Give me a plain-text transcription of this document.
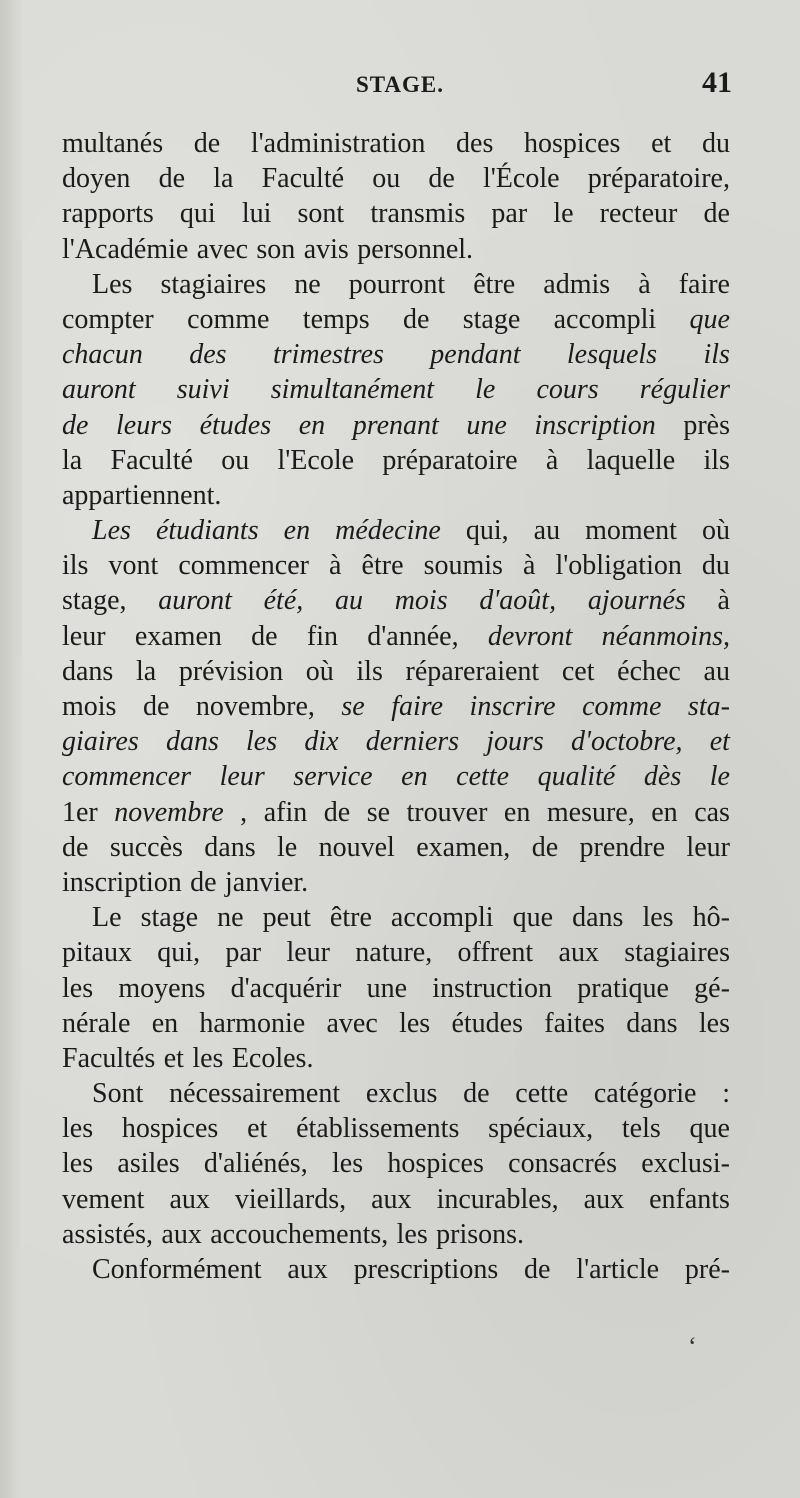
STAGE.	41
multanés de l'administration des hospices et du
doyen de la Faculté ou de l'École préparatoire,
rapports qui lui sont transmis par le recteur de
l'Académie avec son avis personnel.
Les stagiaires ne pourront être admis à faire
compter comme temps de stage accompli que
chacun des trimestres pendant lesquels ils
auront suivi simultanément le cours régulier
de leurs études en prenant une inscription près
la Faculté ou l'Ecole préparatoire à laquelle ils
appartiennent.
Les étudiants en médecine qui, au moment où
ils vont commencer à être soumis à l'obligation du
stage, auront été, au mois d'août, ajournés à
leur examen de fin d'année, devront néanmoins,
dans la prévision où ils répareraient cet échec au
mois de novembre, se faire inscrire comme sta-
giaires dans les dix derniers jours d'octobre, et
commencer leur service en cette qualité dès le
1er novembre , afin de se trouver en mesure, en cas
de succès dans le nouvel examen, de prendre leur
inscription de janvier.
Le stage ne peut être accompli que dans les hô-
pitaux qui, par leur nature, offrent aux stagiaires
les moyens d'acquérir une instruction pratique gé-
nérale en harmonie avec les études faites dans les
Facultés et les Ecoles.
Sont nécessairement exclus de cette catégorie :
les hospices et établissements spéciaux, tels que
les asiles d'aliénés, les hospices consacrés exclusi-
vement aux vieillards, aux incurables, aux enfants
assistés, aux accouchements, les prisons.
Conformément aux prescriptions de l'article pré-
ʻ
